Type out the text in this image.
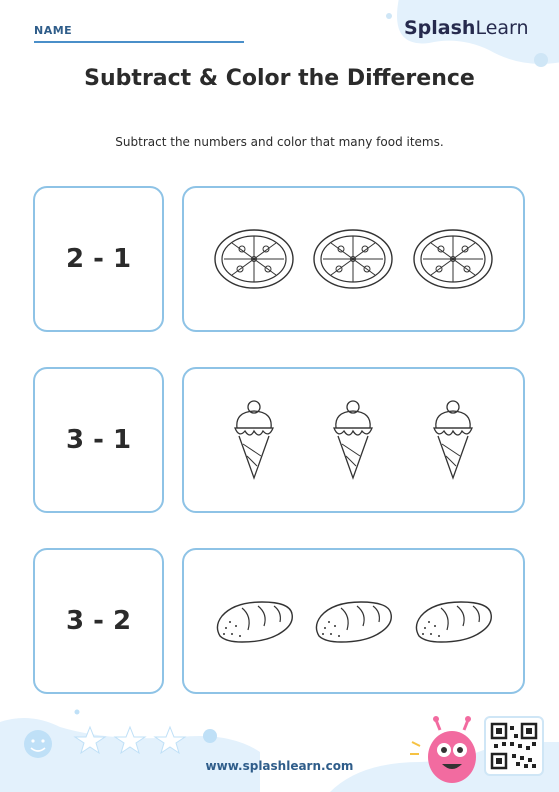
NAME	SplashLearn
Subtract & Color the Difference
Subtract the numbers and color that many food items.
2 - 1
3 - 1
3 - 2
www.splashlearn.com
